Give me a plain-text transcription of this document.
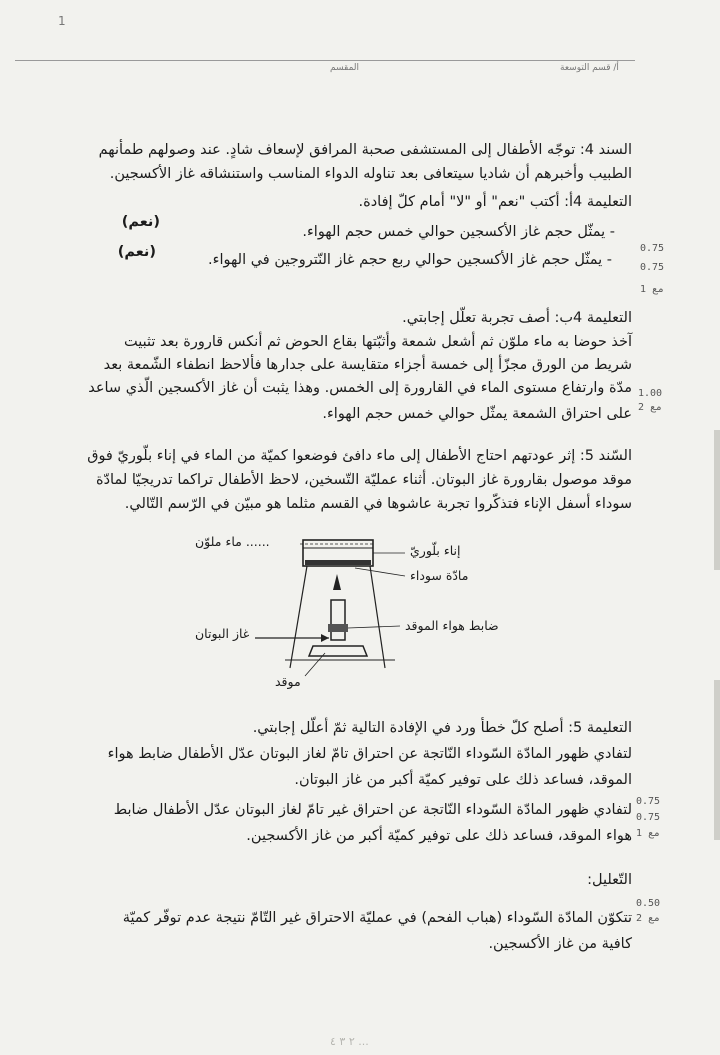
1
المقسم	أ/ قسم التوسعة
السند 4: توجّه الأطفال إلى المستشفى صحبة المرافق لإسعاف شادٍ. عند وصولهم طمأنهم
الطبيب وأخبرهم أن شاديا سيتعافى بعد تناوله الدواء المناسب واستنشاقه غاز الأكسجين.
التعليمة 4أ: أكتب "نعم" أو "لا" أمام كلّ إفادة.
- يمثّل حجم غاز الأكسجين حوالي خمس حجم الهواء.
(نعم)
- يمثّل حجم غاز الأكسجين حوالي ربع حجم غاز النّتروجين في الهواء.
(نعم)
التعليمة 4ب: أصف تجربة تعلّل إجابتي.
آخذ حوضا به ماء ملوّن ثم أشعل شمعة وأثبّتها بقاع الحوض ثم أنكس قارورة بعد تثبيت
شريط من الورق مجزّأ إلى خمسة أجزاء متقايسة على جدارها فألاحظ انطفاء الشّمعة بعد
مدّة وارتفاع مستوى الماء في القارورة إلى الخمس. وهذا يثبت أن غاز الأكسجين الّذي ساعد
على احتراق الشمعة يمثّل حوالي خمس حجم الهواء.
السّند 5: إثر عودتهم احتاج الأطفال إلى ماء دافئ فوضعوا كميّة من الماء في إناء بلّوريّ فوق
موقد موصول بقارورة غاز البوتان. أثناء عمليّة التّسخين، لاحظ الأطفال تراكما تدريجيّا لمادّة
سوداء أسفل الإناء فتذكّروا تجربة عاشوها في القسم مثلما هو مبيّن في الرّسم التّالي.
...... ماء ملوّن
إناء بلّوريّ
مادّة سوداء
ضابط هواء الموقد
غاز البوتان
موقد
التعليمة 5: أصلح كلّ خطأ ورد في الإفادة التالية ثمّ أعلّل إجابتي.
لتفادي ظهور المادّة السّوداء النّاتجة عن احتراق تامّ لغاز البوتان عدّل الأطفال ضابط هواء
الموقد، فساعد ذلك على توفير كميّة أكبر من غاز البوتان.
لتفادي ظهور المادّة السّوداء النّاتجة عن احتراق غير تامّ لغاز البوتان عدّل الأطفال ضابط
هواء الموقد، فساعد ذلك على توفير كميّة أكبر من غاز الأكسجين.
التّعليل:
تتكوّن المادّة السّوداء (هباب الفحم) في عمليّة الاحتراق غير التّامّ نتيجة عدم توفّر كميّة
كافية من غاز الأكسجين.
0.75
0.75
مع 1
1.00
مع 2
0.75
0.75
مع 1
0.50
مع 2
٢ ٣ ٤ ...
